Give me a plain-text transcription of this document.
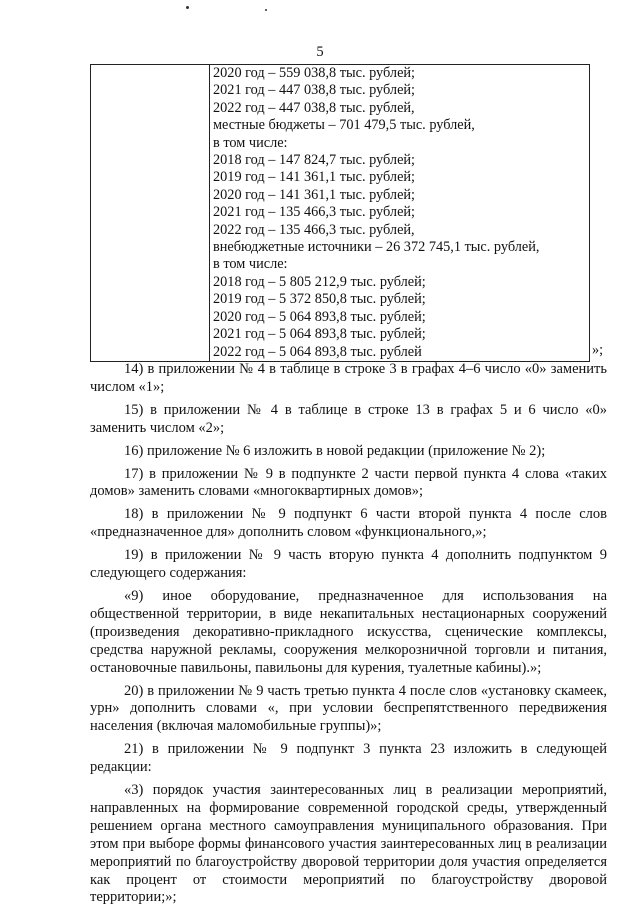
5

2020 год – 559 038,8 тыс. рублей;
2021 год – 447 038,8 тыс. рублей;
2022 год – 447 038,8 тыс. рублей,
местные бюджеты – 701 479,5 тыс. рублей,
в том числе:
2018 год – 147 824,7 тыс. рублей;
2019 год – 141 361,1 тыс. рублей;
2020 год – 141 361,1 тыс. рублей;
2021 год – 135 466,3 тыс. рублей;
2022 год – 135 466,3 тыс. рублей,
внебюджетные источники – 26 372 745,1 тыс. рублей,
в том числе:
2018 год – 5 805 212,9 тыс. рублей;
2019 год – 5 372 850,8 тыс. рублей;
2020 год – 5 064 893,8 тыс. рублей;
2021 год – 5 064 893,8 тыс. рублей;
2022 год – 5 064 893,8 тыс. рублей	»;

14) в приложении № 4 в таблице в строке 3 в графах 4–6 число «0» заменить числом «1»;

15) в приложении № 4 в таблице в строке 13 в графах 5 и 6 число «0» заменить числом «2»;

16) приложение № 6 изложить в новой редакции (приложение № 2);

17) в приложении № 9 в подпункте 2 части первой пункта 4 слова «таких домов» заменить словами «многоквартирных домов»;

18) в приложении № 9 подпункт 6 части второй пункта 4 после слов «предназначенное для» дополнить словом «функционального,»;

19) в приложении № 9 часть вторую пункта 4 дополнить подпунктом 9 следующего содержания:

«9) иное оборудование, предназначенное для использования на общественной территории, в виде некапитальных нестационарных сооружений (произведения декоративно-прикладного искусства, сценические комплексы, средства наружной рекламы, сооружения мелкорозничной торговли и питания, остановочные павильоны, павильоны для курения, туалетные кабины).»;

20) в приложении № 9 часть третью пункта 4 после слов «установку скамеек, урн» дополнить словами «, при условии беспрепятственного передвижения населения (включая маломобильные группы)»;

21) в приложении № 9 подпункт 3 пункта 23 изложить в следующей редакции:

«3) порядок участия заинтересованных лиц в реализации мероприятий, направленных на формирование современной городской среды, утвержденный решением органа местного самоуправления муниципального образования. При этом при выборе формы финансового участия заинтересованных лиц в реализации мероприятий по благоустройству дворовой территории доля участия определяется как процент от стоимости мероприятий по благоустройству дворовой территории;»;
